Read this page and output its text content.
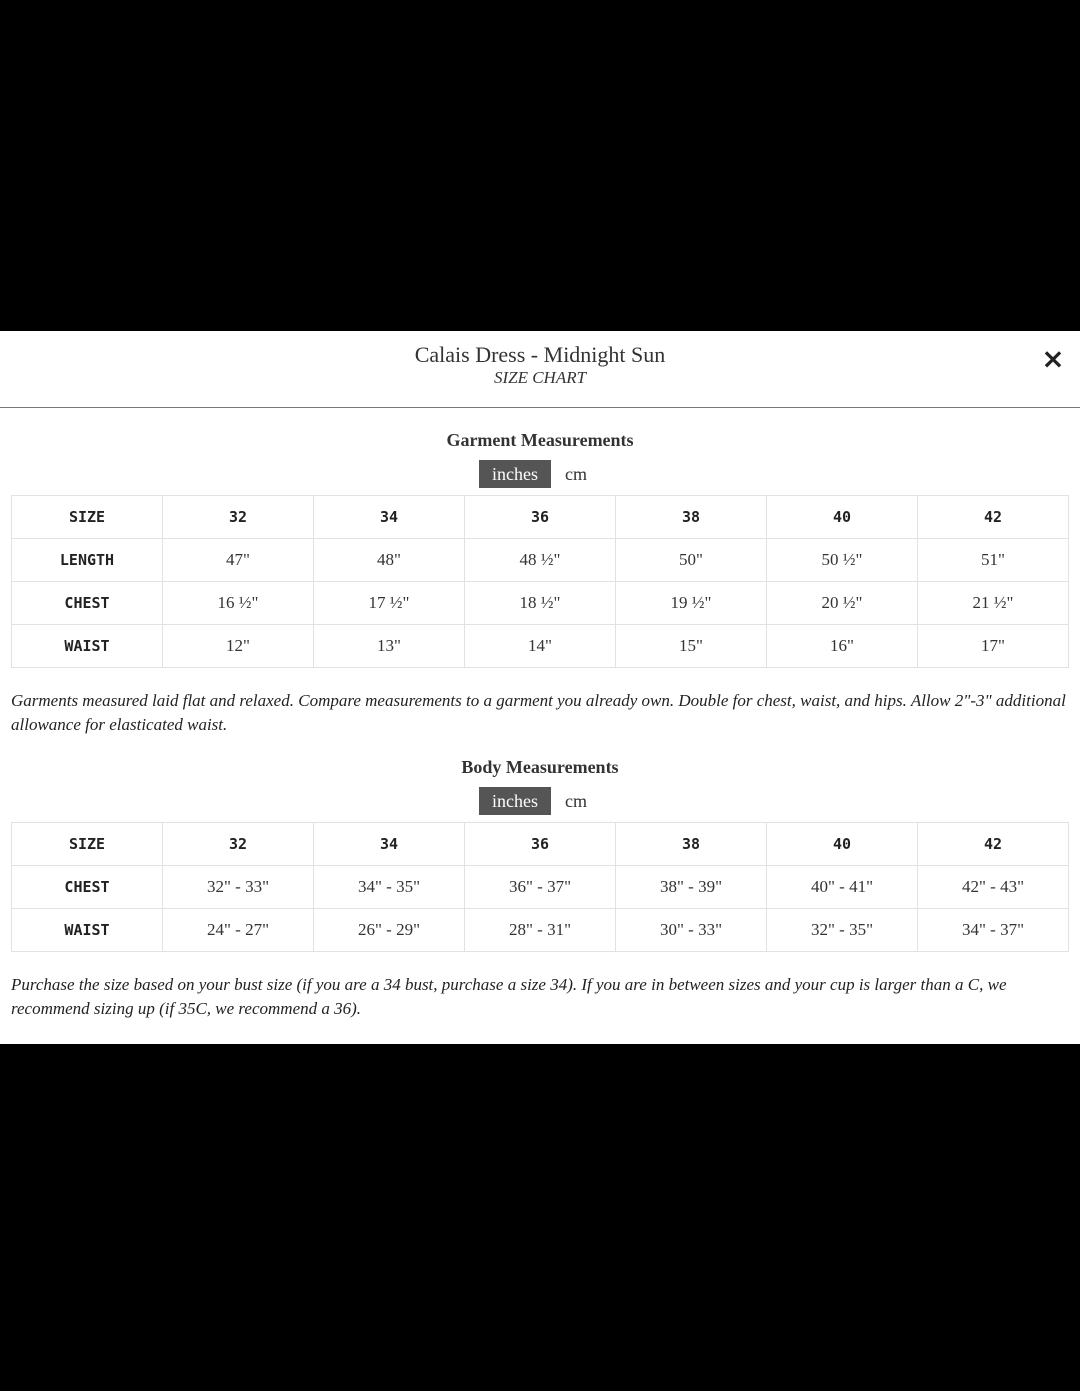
Calais Dress - Midnight Sun
SIZE CHART
×
Garment Measurements
inches	cm
SIZE	32	34	36	38	40	42
LENGTH	47"	48"	48 ½"	50"	50 ½"	51"
CHEST	16 ½"	17 ½"	18 ½"	19 ½"	20 ½"	21 ½"
WAIST	12"	13"	14"	15"	16"	17"
Garments measured laid flat and relaxed. Compare measurements to a garment you already own. Double for chest, waist, and hips. Allow 2"-3" additional allowance for elasticated waist.
Body Measurements
inches	cm
SIZE	32	34	36	38	40	42
CHEST	32" - 33"	34" - 35"	36" - 37"	38" - 39"	40" - 41"	42" - 43"
WAIST	24" - 27"	26" - 29"	28" - 31"	30" - 33"	32" - 35"	34" - 37"
Purchase the size based on your bust size (if you are a 34 bust, purchase a size 34). If you are in between sizes and your cup is larger than a C, we recommend sizing up (if 35C, we recommend a 36).
